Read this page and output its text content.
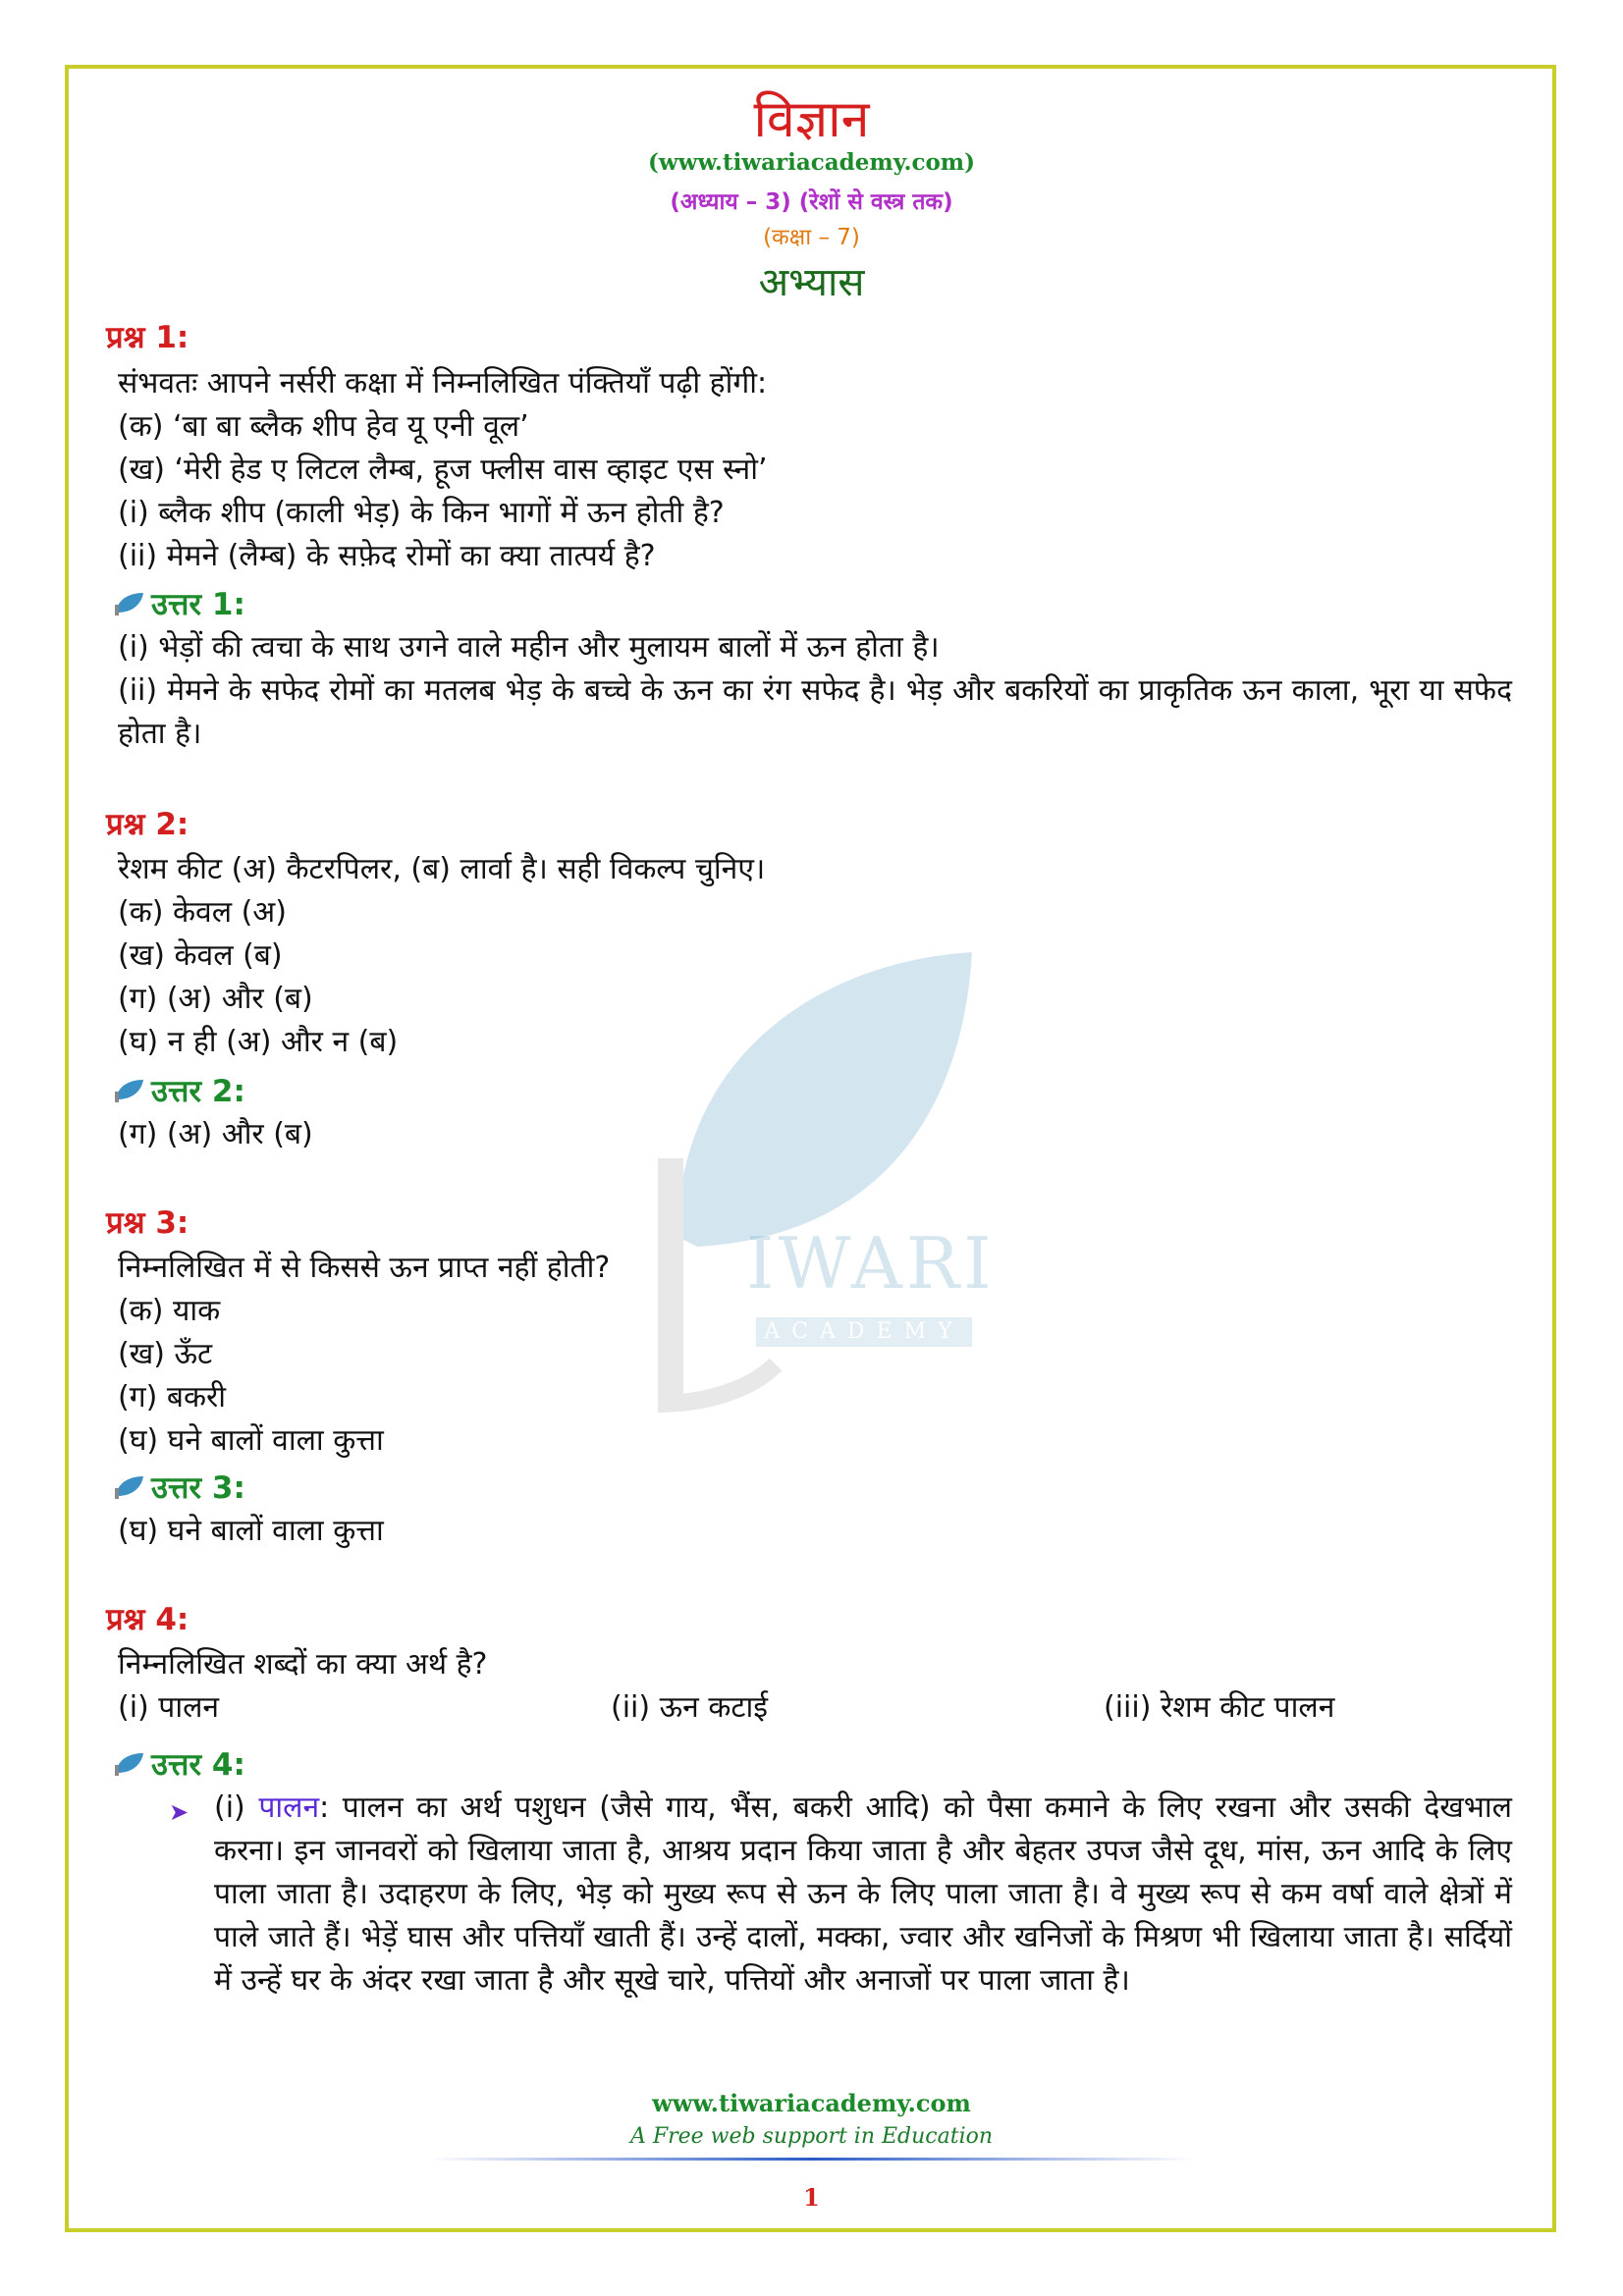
IWARI
ACADEMY
विज्ञान
(www.tiwariacademy.com)
(अध्याय – 3) (रेशों से वस्त्र तक)
(कक्षा – 7)
अभ्यास
प्रश्न 1:
संभवतः आपने नर्सरी कक्षा में निम्नलिखित पंक्तियाँ पढ़ी होंगी:
(क) ‘बा बा ब्लैक शीप हेव यू एनी वूल’
(ख) ‘मेरी हेड ए लिटल लैम्ब, हूज फ्लीस वास व्हाइट एस स्नो’
(i) ब्लैक शीप (काली भेड़) के किन भागों में ऊन होती है?
(ii) मेमने (लैम्ब) के सफ़ेद रोमों का क्या तात्पर्य है?
उत्तर 1:
(i) भेड़ों की त्वचा के साथ उगने वाले महीन और मुलायम बालों में ऊन होता है।
(ii) मेमने के सफेद रोमों का मतलब भेड़ के बच्चे के ऊन का रंग सफेद है। भेड़ और बकरियों का प्राकृतिक ऊन काला, भूरा या सफेद होता है।
प्रश्न 2:
रेशम कीट (अ) कैटरपिलर, (ब) लार्वा है। सही विकल्प चुनिए।
(क) केवल (अ)
(ख) केवल (ब)
(ग) (अ) और (ब)
(घ) न ही (अ) और न (ब)
उत्तर 2:
(ग) (अ) और (ब)
प्रश्न 3:
निम्नलिखित में से किससे ऊन प्राप्त नहीं होती?
(क) याक
(ख) ऊँट
(ग) बकरी
(घ) घने बालों वाला कुत्ता
उत्तर 3:
(घ) घने बालों वाला कुत्ता
प्रश्न 4:
निम्नलिखित शब्दों का क्या अर्थ है?
(i) पालन	(ii) ऊन कटाई	(iii) रेशम कीट पालन
उत्तर 4:
➤ (i) पालन: पालन का अर्थ पशुधन (जैसे गाय, भैंस, बकरी आदि) को पैसा कमाने के लिए रखना और उसकी देखभाल करना। इन जानवरों को खिलाया जाता है, आश्रय प्रदान किया जाता है और बेहतर उपज जैसे दूध, मांस, ऊन आदि के लिए पाला जाता है। उदाहरण के लिए, भेड़ को मुख्य रूप से ऊन के लिए पाला जाता है। वे मुख्य रूप से कम वर्षा वाले क्षेत्रों में पाले जाते हैं। भेड़ें घास और पत्तियाँ खाती हैं। उन्हें दालों, मक्का, ज्वार और खनिजों के मिश्रण भी खिलाया जाता है। सर्दियों में उन्हें घर के अंदर रखा जाता है और सूखे चारे, पत्तियों और अनाजों पर पाला जाता है।
www.tiwariacademy.com
A Free web support in Education
1
